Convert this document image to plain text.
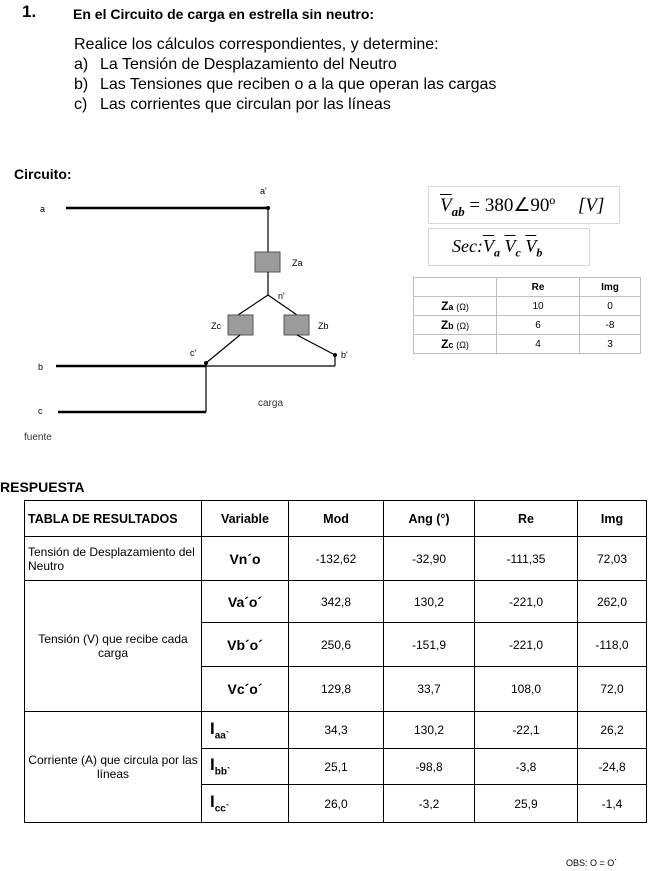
1.	En el Circuito de carga en estrella sin neutro:
Realice los cálculos correspondientes, y determine:
a) La Tensión de Desplazamiento del Neutro
b) Las Tensiones que reciben o a la que operan las cargas
c) Las corrientes que circulan por las líneas
Circuito:
a
b
c
a'
b'
c'
n'
Za
Zc	Zb
carga
fuente
$\overline{V}_{ab}$ = 380∠90º [V]
$Sec:\overline{V}_a$ $\overline{V}_c$ $\overline{V}_b$
	Re	Img
Za (Ω)	10	0
Zb (Ω)	6	-8
Zc (Ω)	4	3
RESPUESTA
TABLA DE RESULTADOS	Variable	Mod	Ang (°)	Re	Img
Tensión de Desplazamiento del Neutro	Vn´o	-132,62	-32,90	-111,35	72,03
Tensión (V) que recibe cada carga	Va´o´	342,8	130,2	-221,0	262,0
	Vb´o´	250,6	-151,9	-221,0	-118,0
	Vc´o´	129,8	33,7	108,0	72,0
Corriente (A) que circula por las líneas	$I_{aa`}$	34,3	130,2	-22,1	26,2
	$I_{bb`}$	25,1	-98,8	-3,8	-24,8
	$I_{cc`}$	26,0	-3,2	25,9	-1,4
OBS: O = O´
